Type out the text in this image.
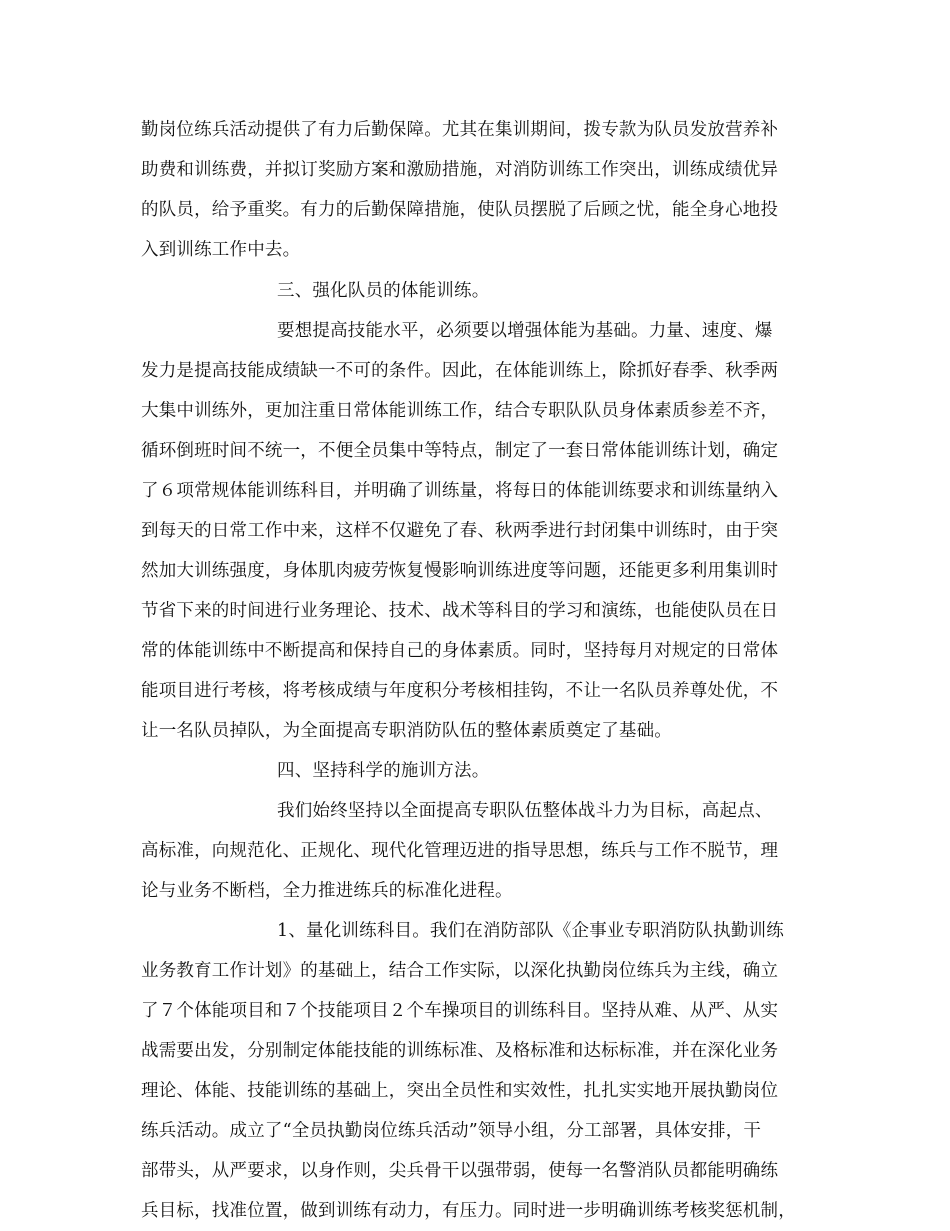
勤岗位练兵活动提供了有力后勤保障。尤其在集训期间，拨专款为队员发放营养补
助费和训练费，并拟订奖励方案和激励措施，对消防训练工作突出，训练成绩优异
的队员，给予重奖。有力的后勤保障措施，使队员摆脱了后顾之忧，能全身心地投
入到训练工作中去。
三、强化队员的体能训练。
要想提高技能水平，必须要以增强体能为基础。力量、速度、爆
发力是提高技能成绩缺一不可的条件。因此，在体能训练上，除抓好春季、秋季两
大集中训练外，更加注重日常体能训练工作，结合专职队队员身体素质参差不齐，
循环倒班时间不统一，不便全员集中等特点，制定了一套日常体能训练计划，确定
了６项常规体能训练科目，并明确了训练量，将每日的体能训练要求和训练量纳入
到每天的日常工作中来，这样不仅避免了春、秋两季进行封闭集中训练时，由于突
然加大训练强度，身体肌肉疲劳恢复慢影响训练进度等问题，还能更多利用集训时
节省下来的时间进行业务理论、技术、战术等科目的学习和演练，也能使队员在日
常的体能训练中不断提高和保持自己的身体素质。同时，坚持每月对规定的日常体
能项目进行考核，将考核成绩与年度积分考核相挂钩，不让一名队员养尊处优，不
让一名队员掉队，为全面提高专职消防队伍的整体素质奠定了基础。
四、坚持科学的施训方法。
我们始终坚持以全面提高专职队伍整体战斗力为目标，高起点、
高标准，向规范化、正规化、现代化管理迈进的指导思想，练兵与工作不脱节，理
论与业务不断档，全力推进练兵的标准化进程。
1、量化训练科目。我们在消防部队《企事业专职消防队执勤训练
业务教育工作计划》的基础上，结合工作实际，以深化执勤岗位练兵为主线，确立
了７个体能项目和７个技能项目２个车操项目的训练科目。坚持从难、从严、从实
战需要出发，分别制定体能技能的训练标准、及格标准和达标标准，并在深化业务
理论、体能、技能训练的基础上，突出全员性和实效性，扎扎实实地开展执勤岗位
练兵活动。成立了“全员执勤岗位练兵活动”领导小组，分工部署，具体安排，干
部带头，从严要求，以身作则，尖兵骨干以强带弱，使每一名警消队员都能明确练
兵目标，找准位置，做到训练有动力，有压力。同时进一步明确训练考核奖惩机制，
